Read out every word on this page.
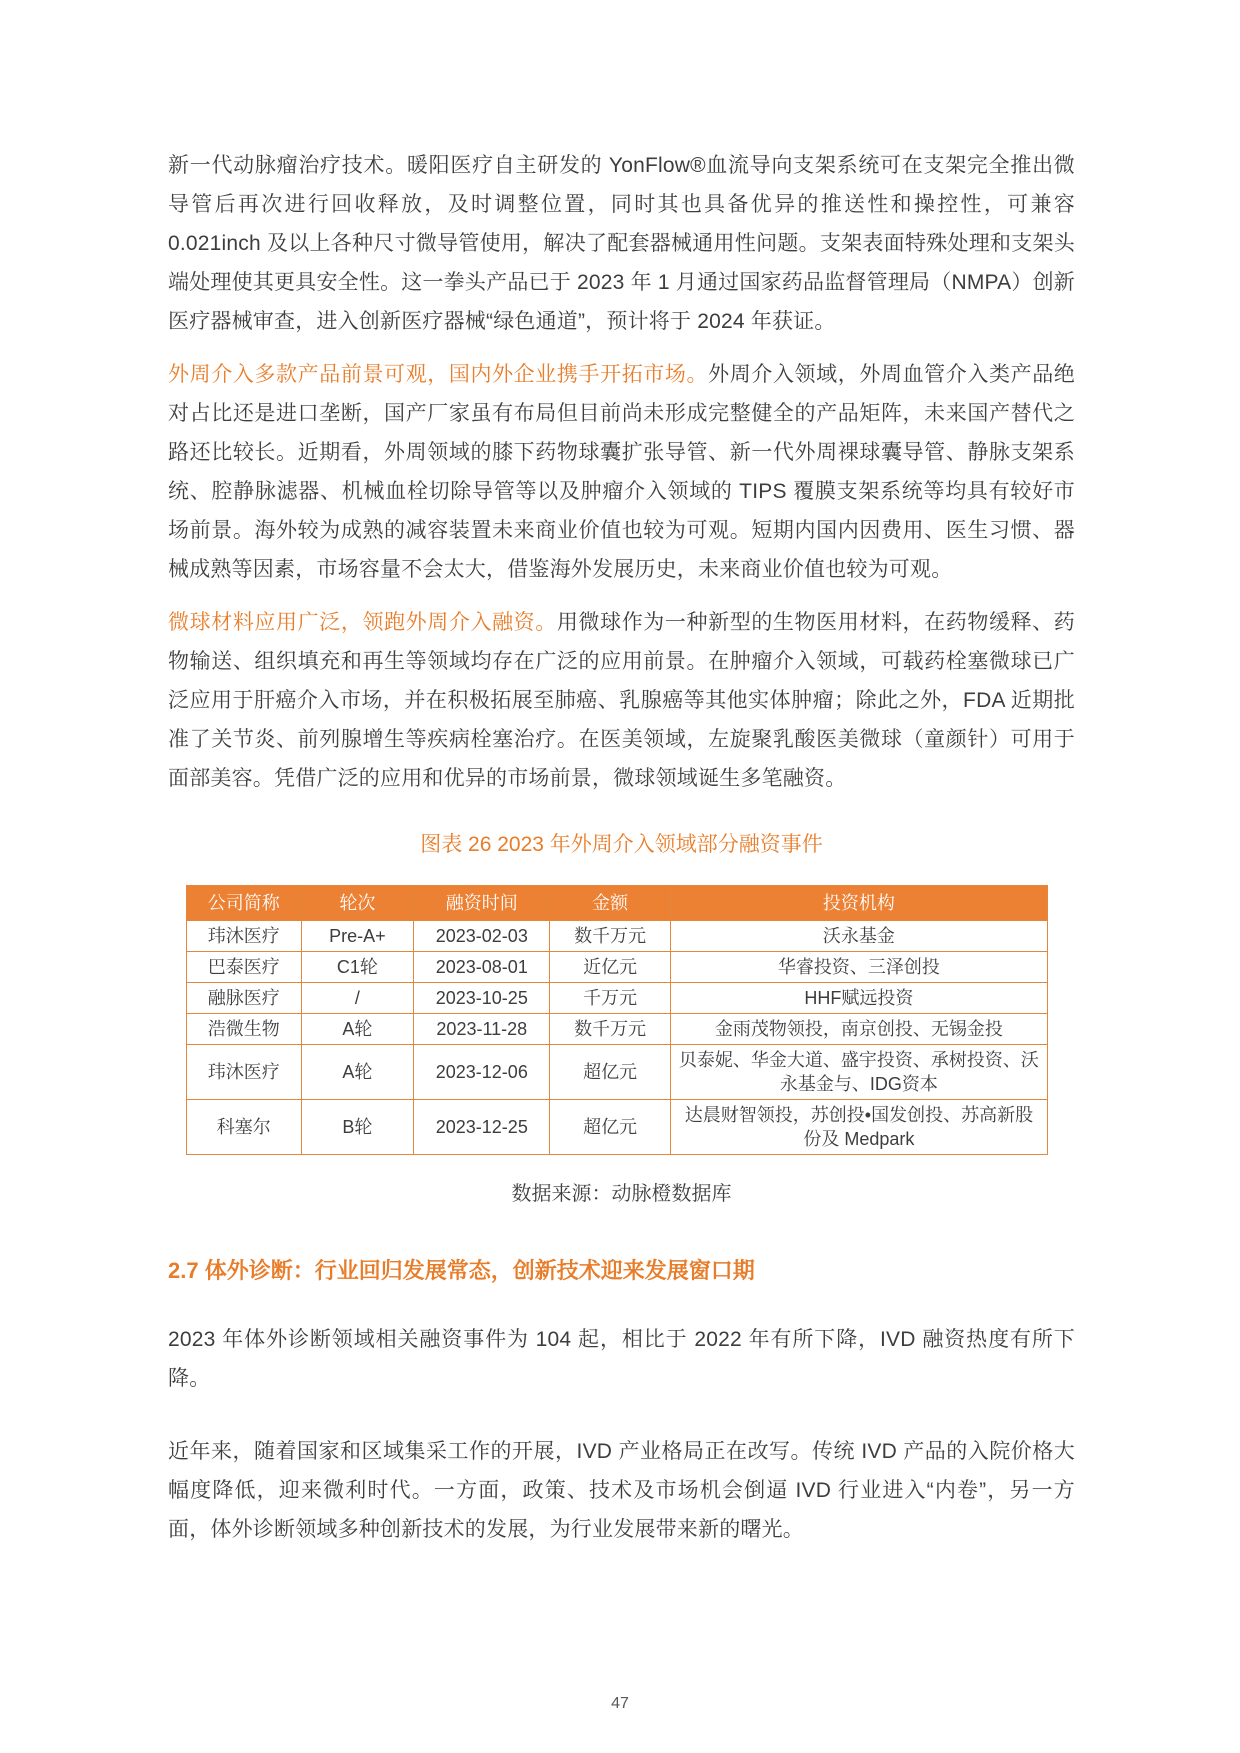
新一代动脉瘤治疗技术。暖阳医疗自主研发的 YonFlow®血流导向支架系统可在支架完全推出微导管后再次进行回收释放，及时调整位置，同时其也具备优异的推送性和操控性，可兼容 0.021inch 及以上各种尺寸微导管使用，解决了配套器械通用性问题。支架表面特殊处理和支架头端处理使其更具安全性。这一拳头产品已于 2023 年 1 月通过国家药品监督管理局（NMPA）创新医疗器械审查，进入创新医疗器械“绿色通道”，预计将于 2024 年获证。

外周介入多款产品前景可观，国内外企业携手开拓市场。外周介入领域，外周血管介入类产品绝对占比还是进口垄断，国产厂家虽有布局但目前尚未形成完整健全的产品矩阵，未来国产替代之路还比较长。近期看，外周领域的膝下药物球囊扩张导管、新一代外周裸球囊导管、静脉支架系统、腔静脉滤器、机械血栓切除导管等以及肿瘤介入领域的 TIPS 覆膜支架系统等均具有较好市场前景。海外较为成熟的减容装置未来商业价值也较为可观。短期内国内因费用、医生习惯、器械成熟等因素，市场容量不会太大，借鉴海外发展历史，未来商业价值也较为可观。

微球材料应用广泛，领跑外周介入融资。用微球作为一种新型的生物医用材料，在药物缓释、药物输送、组织填充和再生等领域均存在广泛的应用前景。在肿瘤介入领域，可载药栓塞微球已广泛应用于肝癌介入市场，并在积极拓展至肺癌、乳腺癌等其他实体肿瘤；除此之外，FDA 近期批准了关节炎、前列腺增生等疾病栓塞治疗。在医美领域，左旋聚乳酸医美微球（童颜针）可用于面部美容。凭借广泛的应用和优异的市场前景，微球领域诞生多笔融资。

图表 26 2023 年外周介入领域部分融资事件
公司简称	轮次	融资时间	金额	投资机构
玮沐医疗	Pre-A+	2023-02-03	数千万元	沃永基金
巴泰医疗	C1轮	2023-08-01	近亿元	华睿投资、三泽创投
融脉医疗	/	2023-10-25	千万元	HHF赋远投资
浩微生物	A轮	2023-11-28	数千万元	金雨茂物领投，南京创投、无锡金投
玮沐医疗	A轮	2023-12-06	超亿元	贝泰妮、华金大道、盛宇投资、承树投资、沃永基金与、IDG资本
科塞尔	B轮	2023-12-25	超亿元	达晨财智领投，苏创投•国发创投、苏高新股份及 Medpark
数据来源：动脉橙数据库
2.7 体外诊断：行业回归发展常态，创新技术迎来发展窗口期

2023 年体外诊断领域相关融资事件为 104 起，相比于 2022 年有所下降，IVD 融资热度有所下降。

近年来，随着国家和区域集采工作的开展，IVD 产业格局正在改写。传统 IVD 产品的入院价格大幅度降低，迎来微利时代。一方面，政策、技术及市场机会倒逼 IVD 行业进入“内卷”，另一方面，体外诊断领域多种创新技术的发展，为行业发展带来新的曙光。

47
